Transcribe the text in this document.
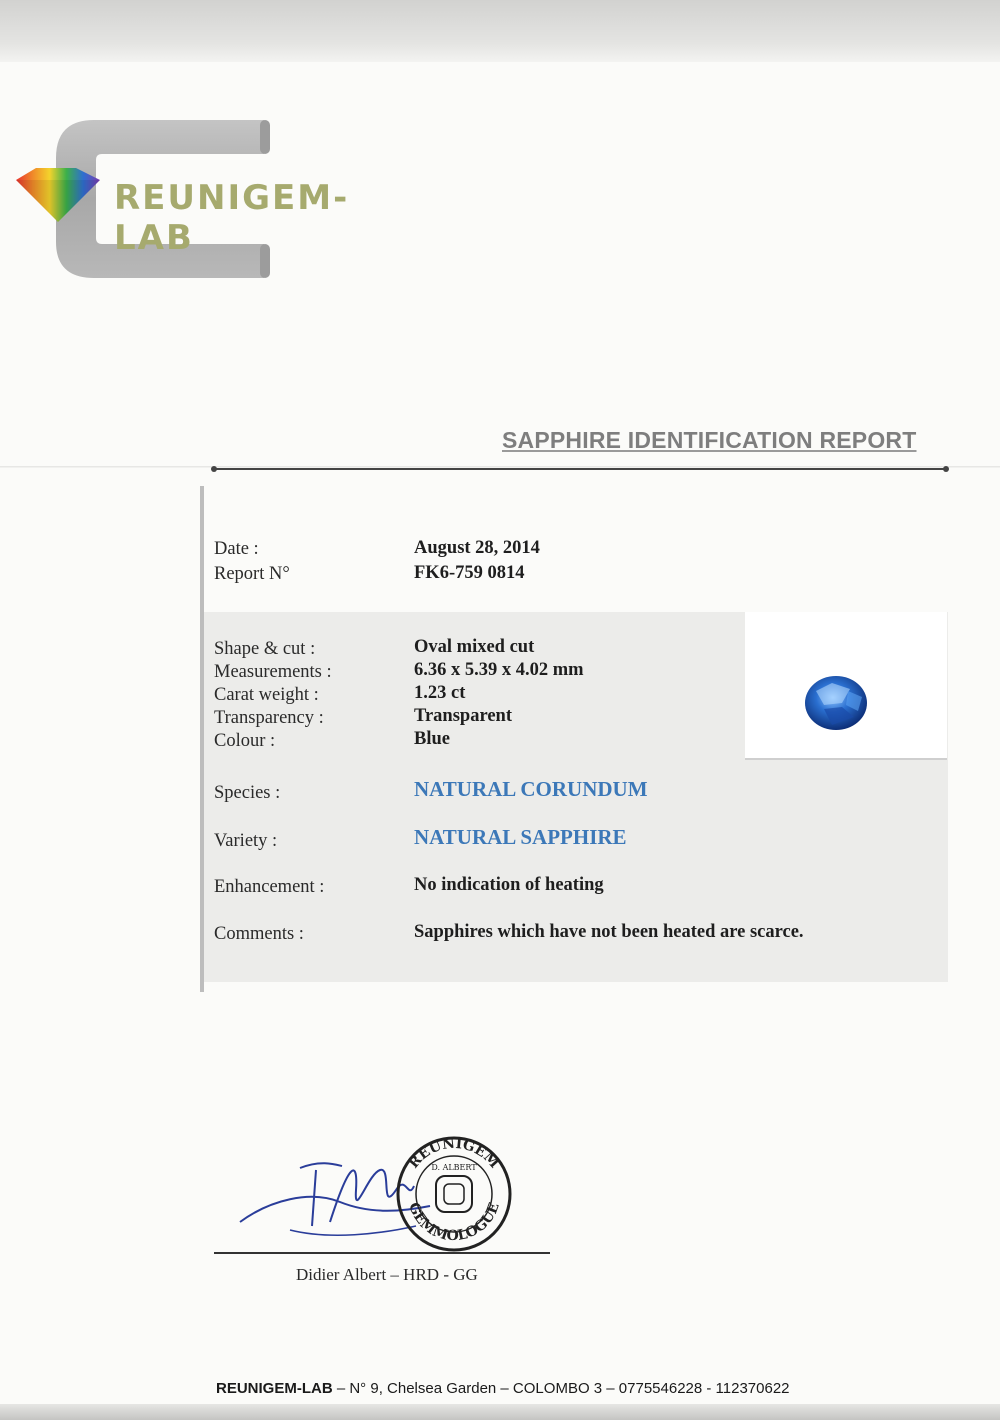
REUNIGEM-LAB
SAPPHIRE IDENTIFICATION REPORT
Date :	August 28, 2014
Report N°	FK6-759 0814
Shape & cut :	Oval mixed cut
Measurements :	6.36 x 5.39 x 4.02 mm
Carat weight :	1.23 ct
Transparency :	Transparent
Colour :	Blue
Species :	NATURAL CORUNDUM
Variety :	NATURAL SAPPHIRE
Enhancement :	No indication of heating
Comments :	Sapphires which have not been heated are scarce.
REUNIGEM
GEMMOLOGUE
D. ALBERT
Didier Albert – HRD - GG
REUNIGEM-LAB – N° 9, Chelsea Garden – COLOMBO 3 – 0775546228 - 112370622
